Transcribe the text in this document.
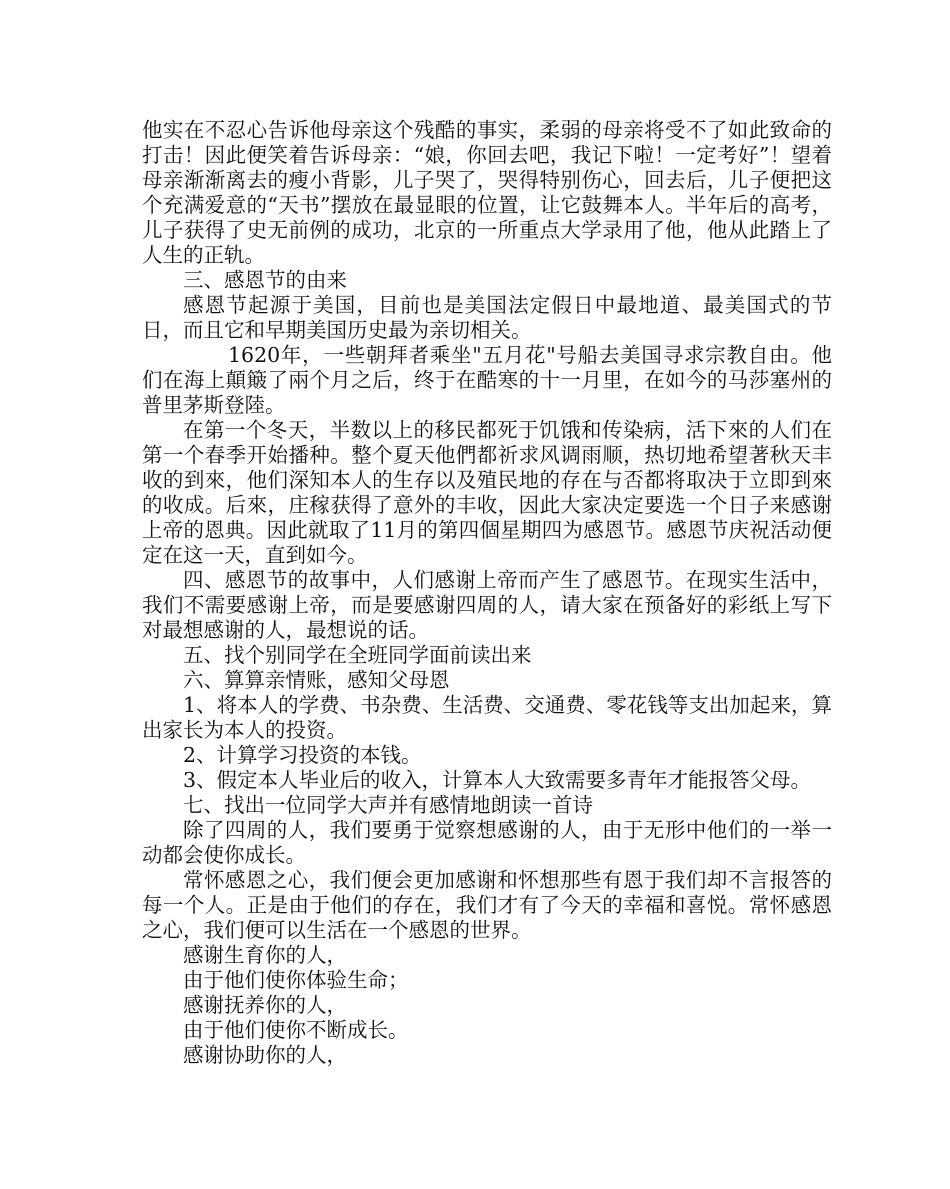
他实在不忍心告诉他母亲这个残酷的事实，柔弱的母亲将受不了如此致命的打击！因此便笑着告诉母亲：“娘，你回去吧，我记下啦！一定考好”！望着母亲渐渐离去的瘦小背影，儿子哭了，哭得特别伤心，回去后，儿子便把这个充满爱意的“天书”摆放在最显眼的位置，让它鼓舞本人。半年后的高考，儿子获得了史无前例的成功，北京的一所重点大学录用了他，他从此踏上了人生的正轨。

三、感恩节的由来

感恩节起源于美国，目前也是美国法定假日中最地道、最美国式的节日，而且它和早期美国历史最为亲切相关。

1620年，一些朝拜者乘坐"五月花"号船去美国寻求宗教自由。他们在海上顛簸了兩个月之后，终于在酷寒的十一月里，在如今的马莎塞州的普里茅斯登陸。

在第一个冬天，半数以上的移民都死于饥饿和传染病，活下來的人们在第一个春季开始播种。整个夏天他們都祈求风调雨顺，热切地希望著秋天丰收的到來，他们深知本人的生存以及殖民地的存在与否都将取决于立即到來的收成。后來，庄稼获得了意外的丰收，因此大家决定要选一个日子来感谢上帝的恩典。因此就取了11月的第四個星期四为感恩节。感恩节庆祝活动便定在这一天，直到如今。

四、感恩节的故事中，人们感谢上帝而产生了感恩节。在现实生活中，我们不需要感谢上帝，而是要感谢四周的人，请大家在预备好的彩纸上写下对最想感谢的人，最想说的话。

五、找个别同学在全班同学面前读出来

六、算算亲情账，感知父母恩

1、将本人的学费、书杂费、生活费、交通费、零花钱等支出加起来，算出家长为本人的投资。

2、计算学习投资的本钱。

3、假定本人毕业后的收入，计算本人大致需要多青年才能报答父母。

七、找出一位同学大声并有感情地朗读一首诗

除了四周的人，我们要勇于觉察想感谢的人，由于无形中他们的一举一动都会使你成长。

常怀感恩之心，我们便会更加感谢和怀想那些有恩于我们却不言报答的每一个人。正是由于他们的存在，我们才有了今天的幸福和喜悦。常怀感恩之心，我们便可以生活在一个感恩的世界。

感谢生育你的人，

由于他们使你体验生命；

感谢抚养你的人，

由于他们使你不断成长。

感谢协助你的人，
